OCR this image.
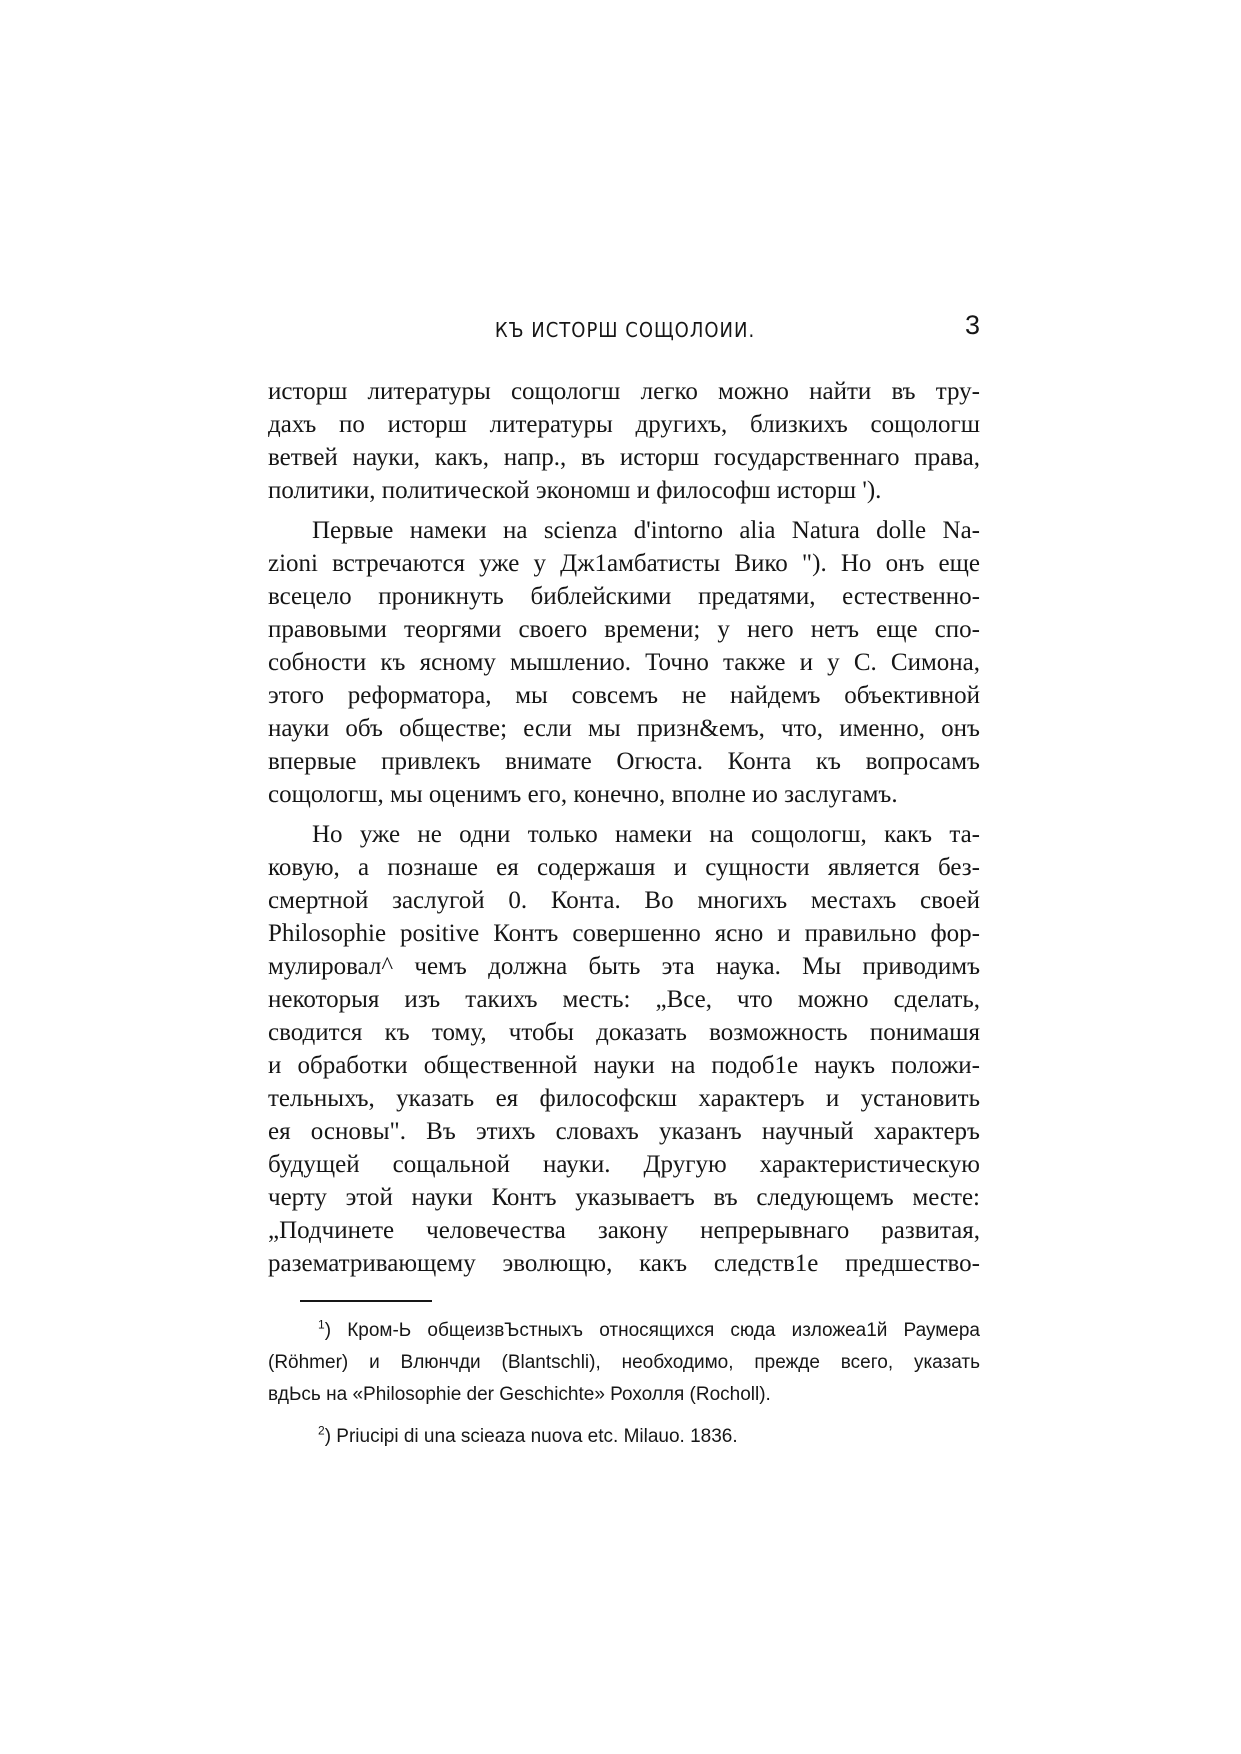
КЪ ИСТОРШ СОЩОЛОИИ.	3
исторш литературы сощологш легко можно найти въ тру-
дахъ по исторш литературы другихъ, близкихъ сощологш
ветвей науки, какъ, напр., въ исторш государственнаго права,
политики, политической экономш и философш исторш ').
Первые намеки на scienza d'intorno alia Natura dolle Na-
zioni встречаются уже у Дж1амбатисты Вико "). Но онъ еще
всецело проникнуть библейскими предатями, естественно-
правовыми теоргями своего времени; у него нетъ еще спо-
собности къ ясному мышленио. Точно также и у С. Симона,
этого реформатора, мы совсемъ не найдемъ объективной
науки объ обществе; если мы призн&емъ, что, именно, онъ
впервые привлекъ внимате Огюста. Конта къ вопросамъ
сощологш, мы оценимъ его, конечно, вполне ио заслугамъ.
Но уже не одни только намеки на сощологш, какъ та-
ковую, а познаше ея содержашя и сущности является без-
смертной заслугой 0. Конта. Во многихъ местахъ своей
Philosophie positive Контъ совершенно ясно и правильно фор-
мулировал^ чемъ должна быть эта наука. Мы приводимъ
некоторыя изъ такихъ месть: „Все, что можно сделать,
сводится къ тому, чтобы доказать возможность понимашя
и обработки общественной науки на подоб1е наукъ положи-
тельныхъ, указать ея философскш характеръ и установить
ея основы". Въ этихъ словахъ указанъ научный характеръ
будущей сощальной науки. Другую характеристическую
черту этой науки Контъ указываетъ въ следующемъ месте:
„Подчинете человечества закону непрерывнаго развитая,
разематривающему эволющю, какъ следств1е предшество-
$^1$) Кром-Ь общеизвЪстныхъ относящихся сюда изложеа1й Раумера
(Röhmer) и Влюнчди (Blantschli), необходимо, прежде всего, указать
вдЬсь на «Philosophie der Geschichte» Рохолля (Rocholl).
$^2$) Priucipi di una scieaza nuova etc. Milauo. 1836.
